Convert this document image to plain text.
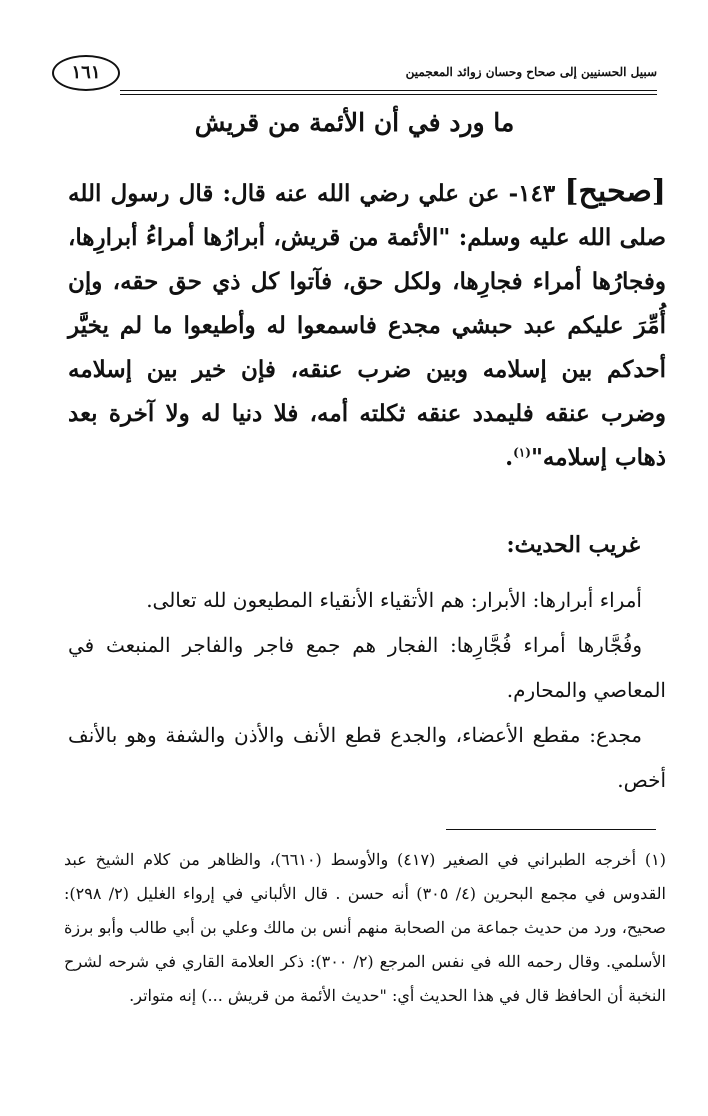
١٦١	سبيل الحسنيين إلى صحاح وحسان زوائد المعجمين
ما ورد في أن الأئمة من قريش
[صحيح] ١٤٣- عن علي رضي الله عنه قال: قال رسول الله صلى الله عليه وسلم: "الأئمة من قريش، أبرارُها أمراءُ أبرارِها، وفجارُها أمراء فجارِها، ولكل حق، فآتوا كل ذي حق حقه، وإن أُمِّرَ عليكم عبد حبشي مجدع فاسمعوا له وأطيعوا ما لم يخيَّر أحدكم بين إسلامه وبين ضرب عنقه، فإن خير بين إسلامه وضرب عنقه فليمدد عنقه ثكلته أمه، فلا دنيا له ولا آخرة بعد ذهاب إسلامه"$^{(١)}$.
غريب الحديث:

أمراء أبرارها: الأبرار: هم الأتقياء الأنقياء المطيعون لله تعالى.

وفُجَّارها أمراء فُجَّارِها: الفجار هم جمع فاجر والفاجر المنبعث في المعاصي والمحارم.

مجدع: مقطع الأعضاء، والجدع قطع الأنف والأذن والشفة وهو بالأنف أخص.

(١) أخرجه الطبراني في الصغير (٤١٧) والأوسط (٦٦١٠)، والظاهر من كلام الشيخ عبد القدوس في مجمع البحرين (٤/ ٣٠٥) أنه حسن . قال الألباني في إرواء الغليل (٢/ ٢٩٨): صحيح، ورد من حديث جماعة من الصحابة منهم أنس بن مالك وعلي بن أبي طالب وأبو برزة الأسلمي. وقال رحمه الله في نفس المرجع (٢/ ٣٠٠): ذكر العلامة القاري في شرحه لشرح النخبة أن الحافظ قال في هذا الحديث أي: "حديث الأئمة من قريش ...) إنه متواتر.
